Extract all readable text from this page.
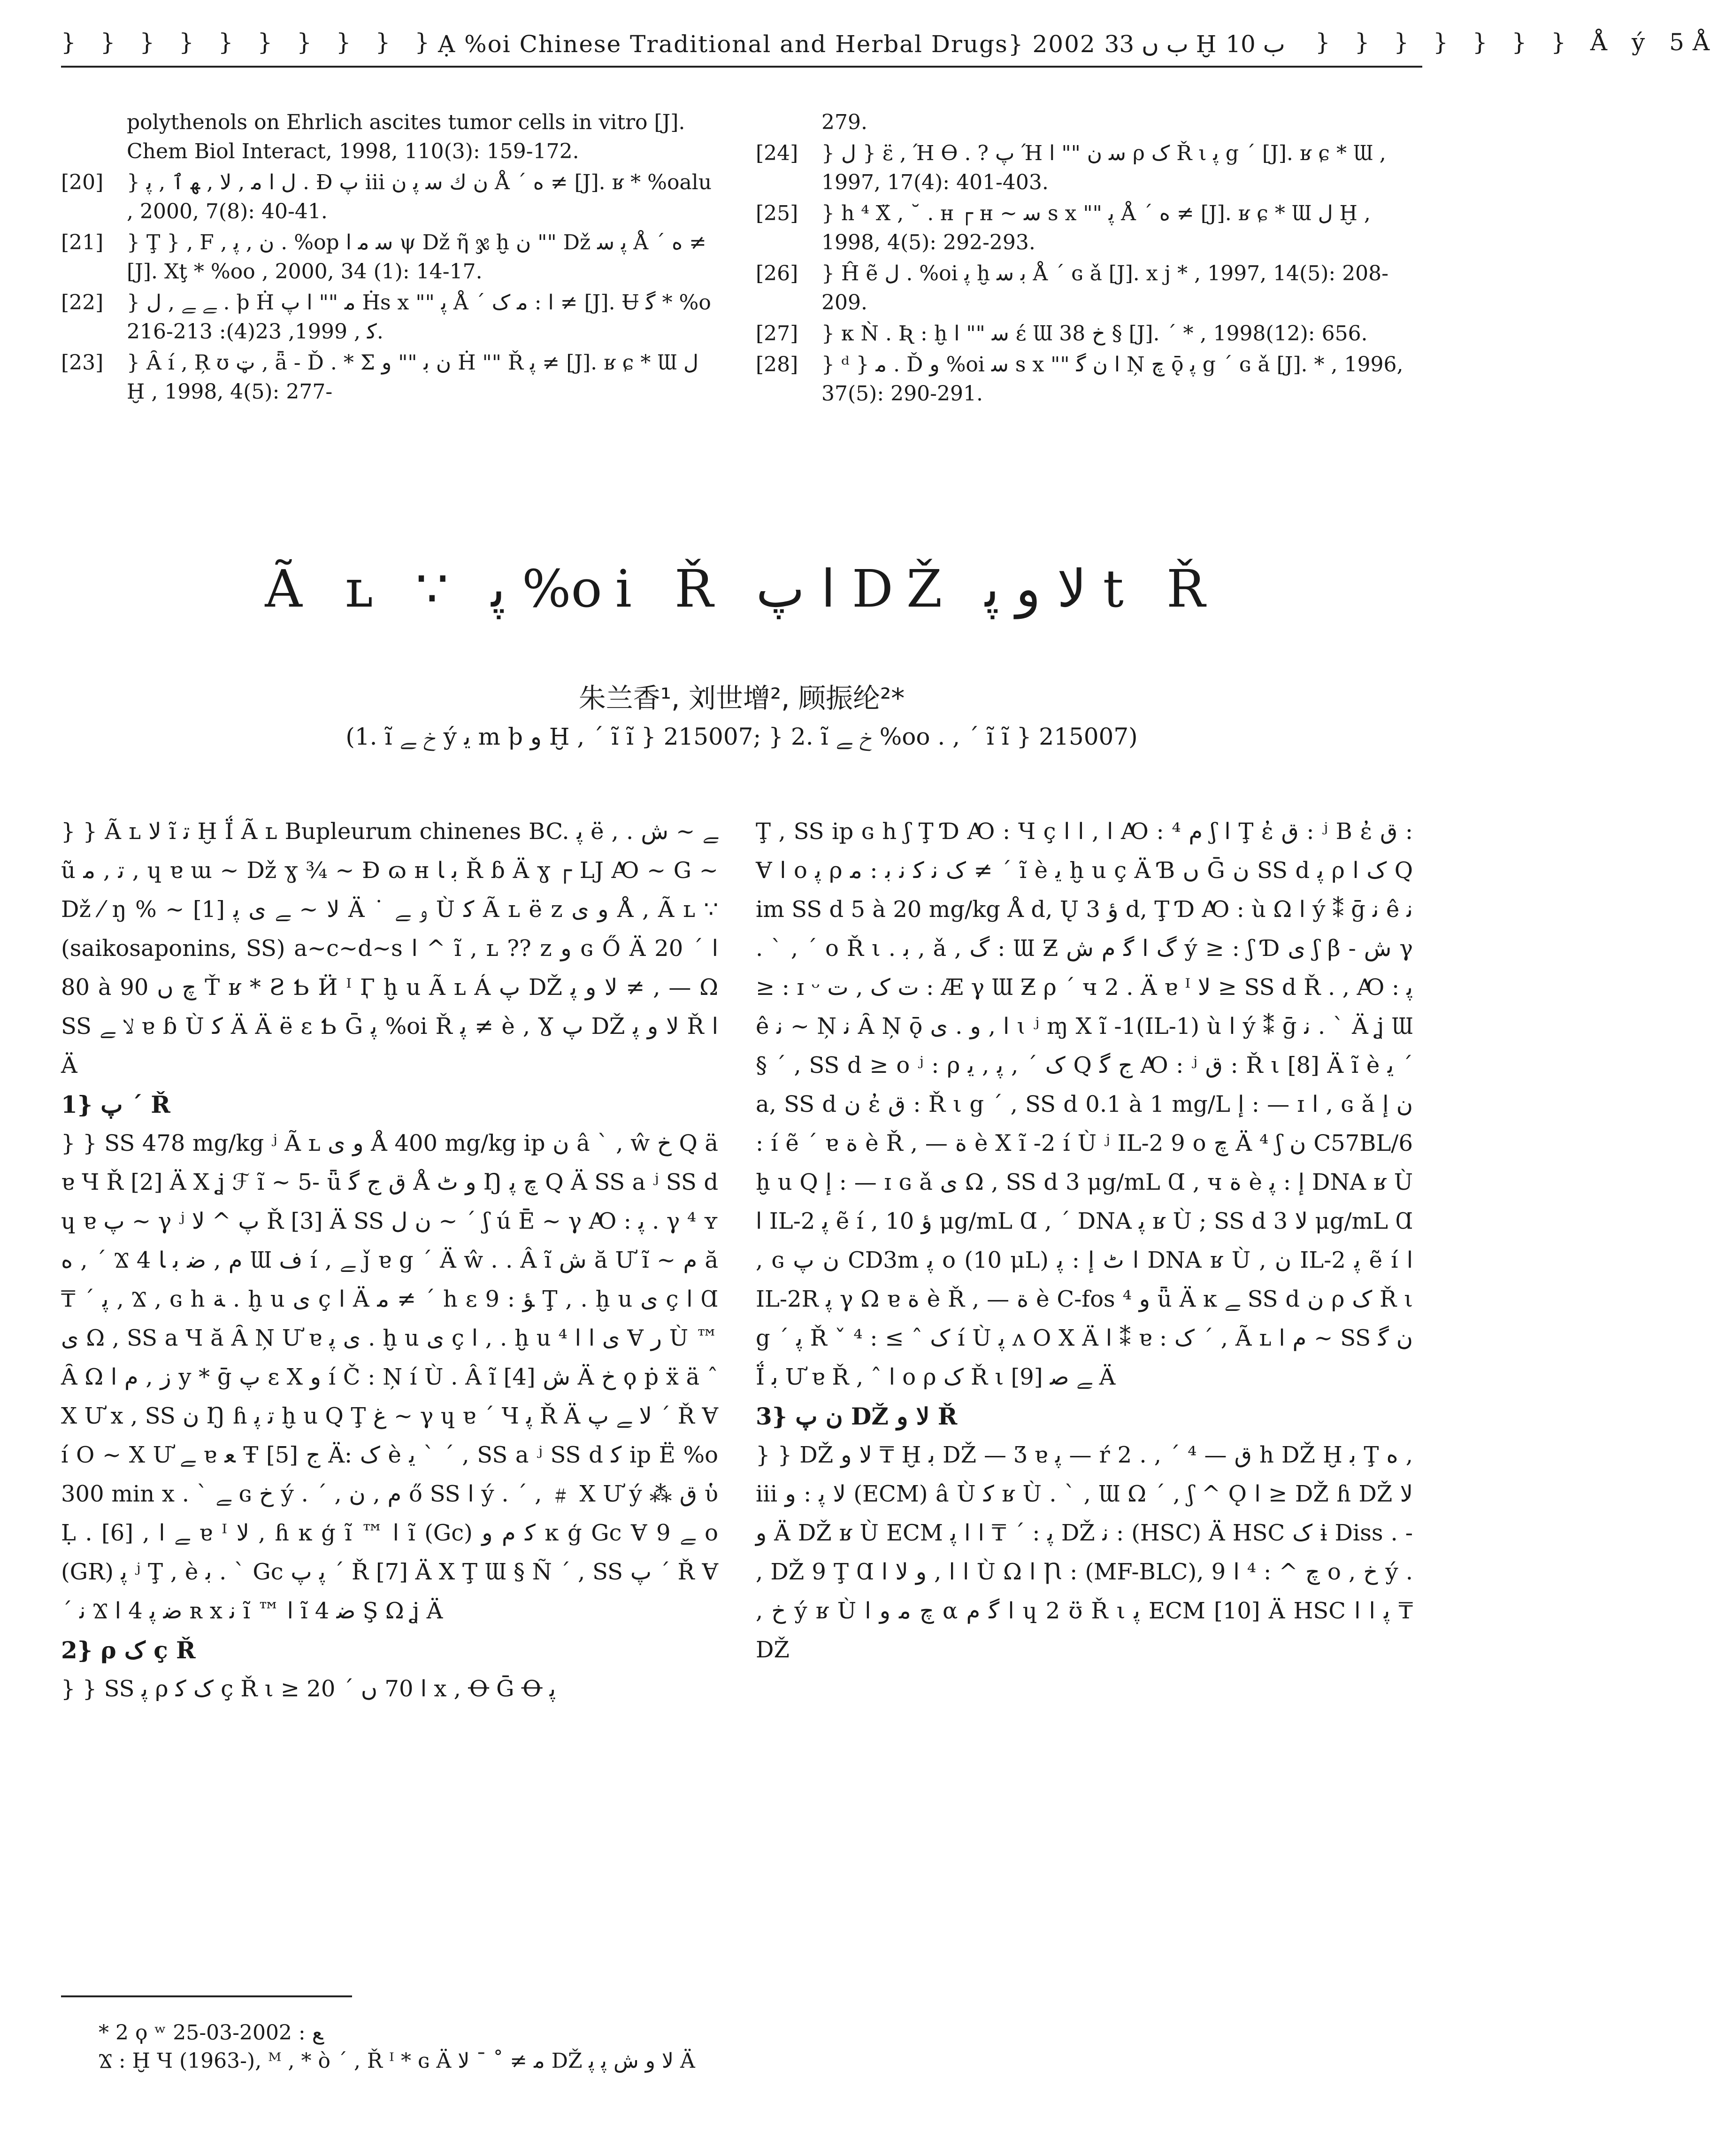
} } } } } } } } } } Ạ %oi Chinese Traditional and Herbal Drugs} 2002 ب ں 33 Ḫ ب 10 ﾠ } } } } } } } Å ý 5Å
polythenols on Ehrlich ascites tumor cells in vitro [J]. Chem Biol Interact, 1998, 110(3): 159-172.
[20]	} ﻝ ﺍ ﻣ , ﻻ , ﻬ ٱ , ﭘ . Đ ﭖ iii ﻥ ﻙ ﺳ ﭘ ﻥ Å ´ ﻩ ≠ [J]. ʁ * %oalu , 2000, 7(8): 40-41.
[21]	} Ţ } , F , ﻥ , ﭘ . %op ﺳ ﻣ ﺍ ψ Dž ῆ ჯ ḫ ﻥ "" Dž ﭘ ﺳ Å ´ ﻩ ≠ [J]. Χţ * %oo , 2000, 34 (1): 14-17.
[22]	} ﮯ ﮯ , ﻝ . ϸ Ḣ ﻣ "" ﺍ ﭖ Ḣs x "" ﭘ Å ´ ﺍ : ﻣ ﮎ ≠ [J]. Ʉ ﮔ * %o ﮐ , 1999, 23(4): 213-216.
[23]	} Ȃ í , Ŗ ʊ ټ , ǟ - Ď . * Σ ﻥ ﺑ "" ﻭ Ḣ "" Ř ﭘ ≠ [J]. ʁ ɕ * Ɯ ﻝ Ḫ , 1998, 4(5): 277-
279.
[24]	} ﻝ } ε̈ , Ή Ɵ . ? ﭖ Ή ﺳ ﻥ "" ﺍ ρ ﮎ Ř ι ﭘ g ´ [J]. ʁ ɕ * Ɯ , 1997, 17(4): 401-403.
[25]	} h ⁴ Χ̈ , ˘ . ʜ ┌ ʜ ~ ﺳ s x "" ﭘ Å ´ ﻩ ≠ [J]. ʁ ɕ * Ɯ ﻝ Ḫ , 1998, 4(5): 292-293.
[26]	} Ĥ ẽ ﻝ . %oi ﭘ ḫ ﺑ ﺳ Å ´ ɢ ǎ [J]. x j * , 1997, 14(5): 208-209.
[27]	} κ Ǹ . Ʀ : ḫ ﺳ "" ﺍ έ Ɯ ﺥ 38 § [J]. ´ * , 1998(12): 656.
[28]	} ᵈ } ﻣ . Ď ﻭ %oi ﺳ s x "" ﺍ ﻥ ﮔ Ņ ﭺ ǭ ﭘ g ´ ɢ ǎ [J]. * , 1996, 37(5): 290-291.
Ã ʟ ∵ ﭘ %oi Ř ﺍ ﭖ DŽ ﻻ ﻭ ﭘ t Ř
朱兰香¹, 刘世增², 顾振纶²*
(1. ĩ ﺥ ﮯ ý ﯾ m ϸ ﻭ Ḫ , ´ ĩ ĩ } 215007; } 2. ĩ ﺥ ﮯ %oo . , ´ ĩ ĩ } 215007)

} } Ã ʟ ﻻ ĩ ﺗ Ḫ Ḯ Ã ʟ Bupleurum chinenes BC. ﭘ ë , . ﮯ ~ ﺵ ũ ﺗ , ﻣ , ɥ ɐ ɯ ~ Dž ɣ ¾ ~ Ɖ ɷ ʜ ﺑ ﺎ Ř ɓ Ä ɣ ┌ LJ Ꜵ ~ G ~ Dž ⁄ ŋ % ~ ﻻ ~ ﮯ ﻯ ﭘ [1] Ä ˙ ﻭ ﮯ Ù ﮐ Ã ʟ ë z ﻭ ﻯ Å , Ã ʟ ∵ (saikosaponins, SS) a~c~d~s ﺍ ^ ĩ , ʟ ?? z ﻭ ɢ Ő Ä 20 ´ ﺍ 80 à 90 ﭺ ں Ť ʁ * Ƨ Ƅ Ӥ ᴵ Ӷ ḫ u Ã ʟ Á ﭖ DŽ ﻻ ﻭ ﭘ ≠ , — Ω SS ﻻ ﮯ ɐ ɓ Ù ﮐ Ä Ä ë ɛ Ƅ Ḡ ﭘ %oi Ř ﭘ ≠ è , Ɣ ﭖ DŽ ﻻ ﻭ ﭘ Ř ﺍ Ä

1} ﭖ ´ Ř

} } SS 478 mg/kg ʲ Ã ʟ ﻭ ﻯ Å 400 mg/kg ip ﻥ â ˋ , ŵ ﺥ Q ä ɐ Ч Ř [2] Ä Χ ʝ ℱ ĩ ~ 5- ǖ ﻕ ﺝ ﮔ Å ﻭ ﭦ Ŋ ﭺ ﭘ Q Ä SS a ʲ SS d ɥ ɐ ﭖ ~ γ ʲ ﭖ ^ ﻻ Ř [3] Ä SS ﻥ ﻝ ~ ´ ʃ ú Ē ~ γ Ꜵ : ﭘ . γ ⁴ ʏ ﻩ , ´ Ϫ 4 ﻡ , ﺿ ﺑ ﺎ Ɯ ﻑ í , ﮯ ǰ ɐ g ´ Ä ŵ . . Â ĩ ﺵ ă Ư ĩ ~ ﻡ ă ₸ ´ ﭘ , Ϫ , ɢ h ﺔ . ḫ u ﻯ ç ﺍ Ä ﻣ ≠ ´ h ɛ ﺆ : 9 Ţ , . ḫ u ﻯ ç ﺍ Ɑ ﻯ Ω , SS a Ч ă Ȃ Ņ Ư ɐ ﻯ ﭘ . ḫ u ﻯ ç ﺍ , . ḫ u ﻯ ﺍ ﺍ ⁴ Ɐ ﺭ Ù ™ Ȃ Ω ﺯ , ﻡ ﺍ y * ḡ ﭖ ɛ Χ ﻭ í Č : Ņ í Ù . Â ĩ ﺵ [4] Ä ﺥ ϙ ṗ ẍ ä ˆ Χ Ư x , SS ﻥ Ŋ ɦ ﺗ ﭘ ḫ u Q Ţ ﻍ ~ γ ɥ ɐ ´ Ч ﭘ Ř Ä ﻻ ﮯ ﭖ ´ Ř Ɐ í O ~ Χ Ư ﮯ ɐ ﻌ Ŧ ﺝ [5] Ä: ﮎ è ﯾ ˋ ´ , SS a ʲ SS d ﮐ ip Ё %o 300 min x . ˋ ﮯ ɢ ﺥ ý . ´ , ﻡ , ﻥ ő SS ﺍ ý . ´ , ﹟ Χ Ư ý ⁂ ﻕ ὑ Ḷ . [6] , ﮯ ﺍ ɐ ᴵ ﻻ , ɦ ĸ ģ ĩ ™ ﺍ ĩ (Gc) ﮐ ﻡ ﻭ ĸ ģ Gc Ɐ ﮯ 9 o (GR) ﭘ ʲ Ţ , è ﺑ . ˋ Gc ﭘ ﭖ ´ Ř [7] Ä Χ Ţ Ɯ § Ñ ´ , SS ﭖ ´ Ř Ɐ ´ ﻧ Ϫ ﺿ ﭘ 4 ﺍ ʀ x ﻧ ĩ ™ ﺍ ĩ 4 ﺿ Ş Ω ʝ Ä

2} ρ ﮎ ç Ř

} } SS ﭘ ρ ﮎ ﮐ ç Ř ι ≥ 20 ´ ﺍ 70 ں x , Ꝋ Ḡ Ꝋ ﭘ

Ţ , SS ip ɢ h ʃ Ţ Ɗ Ꜵ : Ч ç ﺍ , ﺍ ﺍ Ꜵ : ﻡ ⁴ ʃ ﺍ Ţ ἐ ﻕ : ʲ Β ἐ ﻕ : Ɐ ﺍ o ﭘ ρ ﮎ ﻧ ﮐ ﻧ ﺑ : ﻣ ≠ ´ ĩ è ﯾ ḫ u ç Ä Ɓ ں Ḡ ﻥ SS d ﭘ ρ ﮎ ﺍ Q im SS d 5 à 20 mg/kg Å d, Ų ﺅ 3 d, Ţ Ɗ Ꜵ : ù Ω ﺍ ý ⁑ ḡ ﻧ ê ﻧ . ˋ , ´ o Ř ι . ﺑ , ǎ , ﮒ : Ɯ Ƶ ﮒ ﺍ ﮔ ﻡ ﺵ ý ≥ : ʃ Ɗ ﻯ ʃ β - ﺵ γ ≥ : ɪ ᵕ ﺕ ﮎ , ﺕ : Æ γ Ɯ Ƶ ρ ´ ч 2 . Ä ɐ ᴵ ﻻ ≥ SS d Ř . , Ꜵ : ﭘ ê ﻧ ~ Ņ ﻧ Ȃ Ņ ǭ ﺍ , ﻭ . ﻯ ɩ ʲ ɱ Χ ĩ -1(IL-1) ù ﺍ ý ⁑ ḡ ﻧ . ˋ Ä ʝ Ɯ § ´ , SS d ≥ o ʲ : ρ ﮎ ´ , ﭘ , ﯾ Q ﺝ ﮔ Ꜵ : ʲ ﻕ : Ř ι [8] Ä ĩ è ﯾ ´ a, SS d ﻥ ἐ ﻕ : Ř ι g ´ , SS d 0.1 à 1 mg/L ﺇ : — ɪ ﺍ , ɢ ǎ ﻥ ﺇ : í ẽ ´ ɐ ﺓ è Ř , — ﺓ è Χ ĩ -2 í Ù ʲ IL-2 9 o ﭺ Ä ⁴ ʃ ﻥ C57BL/6 ḫ u Q ﺇ : — ɪ ɢ ǎ ﻯ Ω , SS d 3 μg/mL Ɑ , ч ﺓ è ﺇ : ﭘ DNA ʁ Ù ﺍ IL-2 ﭘ ẽ í , ﺅ 10 μg/mL Ɑ , ´ DNA ﭘ ʁ Ù ; SS d ﻻ 3 μg/mL Ɑ , ɢ ﻥ ﭖ CD3m ﭘ o (10 μL) ﺍ ٹ ﺇ : ﭘ DNA ʁ Ù , ﻥ IL-2 ﭘ ẽ í ﺍ IL-2R ﭘ γ Ω ɐ ﺓ è Ř , — ﺓ è C-fos ﻭ ⁴ ǖ Ä ĸ ﮯ SS d ﻥ ρ ﮎ Ř ι g ´ ﭘ Ř ˇ ﮎ ˆ ≥ : ⁴ í Ù ﭘ ʌ Ο Χ Ä ﺍ ⁑ ɐ : ﮎ ´ , Ã ʟ ﻡ ﺍ ~ SS ﻥ ﮔ Ḯ ﺑ Ư ɐ Ř , ˆ ﺍ o ρ ﮎ Ř ι ﮯ ﺻ [9] Ä

3} ﻥ ﭖ DŽ ﻻ ﻭ Ř

} } DŽ ﻻ ﻭ ₸ Ḫ ﺑ DŽ — Ʒ ɐ ﭘ — ŕ 2 . , ´ ﻕ — ⁴ h DŽ Ḫ ﺑ Ţ ﻩ , iii ﻻ ﭘ : ﻭ (ECM) â Ù ﮐ ʁ Ù . ˋ , Ɯ Ω ´ , ʃ ^ Ǫ ﺍ ≥ DŽ ɦ DŽ ﻻ ﻭ Ä DŽ ʁ Ù ECM ﭘ : ´ ₸ ﺍ ﺍ ﭘ DŽ ﻧ : (HSC) Ä HSC ﮎ ɨ Diss . - , DŽ 9 Ţ Ɑ ﺍ ﺍ , ﻭ ﻻ ﺍ Ù Ω ﺍ Ꞃ : (MF-BLC), ﭺ ^ : ⁴ ﺍ 9 o , ﺥ ý . , ﺥ ý ʁ Ù ﭺ ﻣ ﻭ ﺍ α ﺍ ﮔ ﻡ ɥ 2 ʊ̈ Ř ι ﭘ ECM [10] Ä HSC ﭘ ﺍ ﺍ ₸ DŽ

* 2 ϙ ʷ ﻊ : 2002-03-25
Ϫ : Ḫ Ч (1963-), ᴹ , * ò ´ , Ř ᴵ * ɢ Ä ﻣ ≠ ˚ ˉ ﻻ DŽ ﻻ ﻭ ﺵ ﭘ ﭘ Ä
